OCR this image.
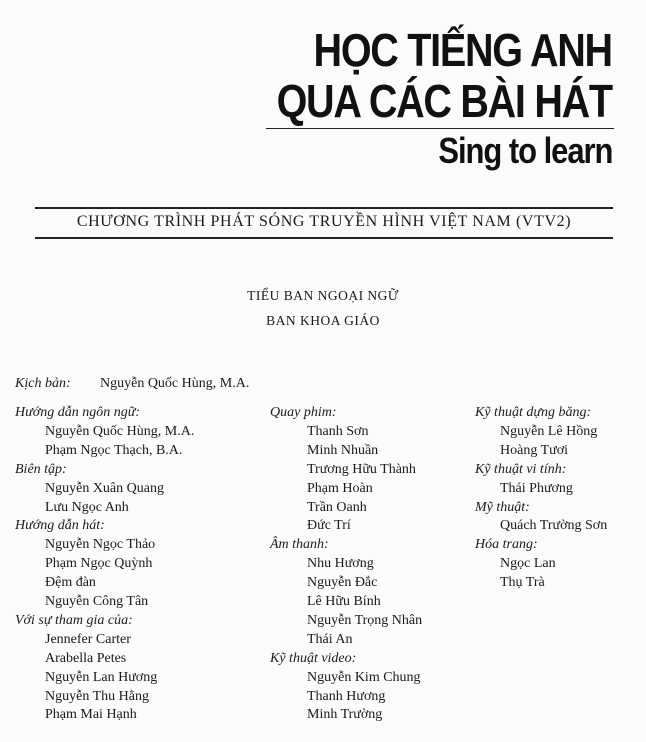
HỌC TIẾNG ANH
QUA CÁC BÀI HÁT
Sing to learn
CHƯƠNG TRÌNH PHÁT SÓNG TRUYỀN HÌNH VIỆT NAM (VTV2)
TIỂU BAN NGOẠI NGỮ
BAN KHOA GIÁO
Kịch bản: Nguyễn Quốc Hùng, M.A.
Hướng dẫn ngôn ngữ:
Nguyễn Quốc Hùng, M.A.
Phạm Ngọc Thạch, B.A.
Biên tập:
Nguyễn Xuân Quang
Lưu Ngọc Anh
Hướng dẫn hát:
Nguyễn Ngọc Thảo
Phạm Ngọc Quỳnh
Đệm đàn
Nguyễn Công Tân
Với sự tham gia của:
Jennefer Carter
Arabella Petes
Nguyễn Lan Hương
Nguyễn Thu Hằng
Phạm Mai Hạnh
Quay phim:
Thanh Sơn
Minh Nhuần
Trương Hữu Thành
Phạm Hoàn
Trần Oanh
Đức Trí
Âm thanh:
Nhu Hương
Nguyễn Đắc
Lê Hữu Bính
Nguyễn Trọng Nhân
Thái An
Kỹ thuật video:
Nguyễn Kim Chung
Thanh Hương
Minh Trường
Kỹ thuật dựng băng:
Nguyễn Lê Hồng
Hoàng Tươi
Kỹ thuật vi tính:
Thái Phương
Mỹ thuật:
Quách Trường Sơn
Hóa trang:
Ngọc Lan
Thụ Trà
